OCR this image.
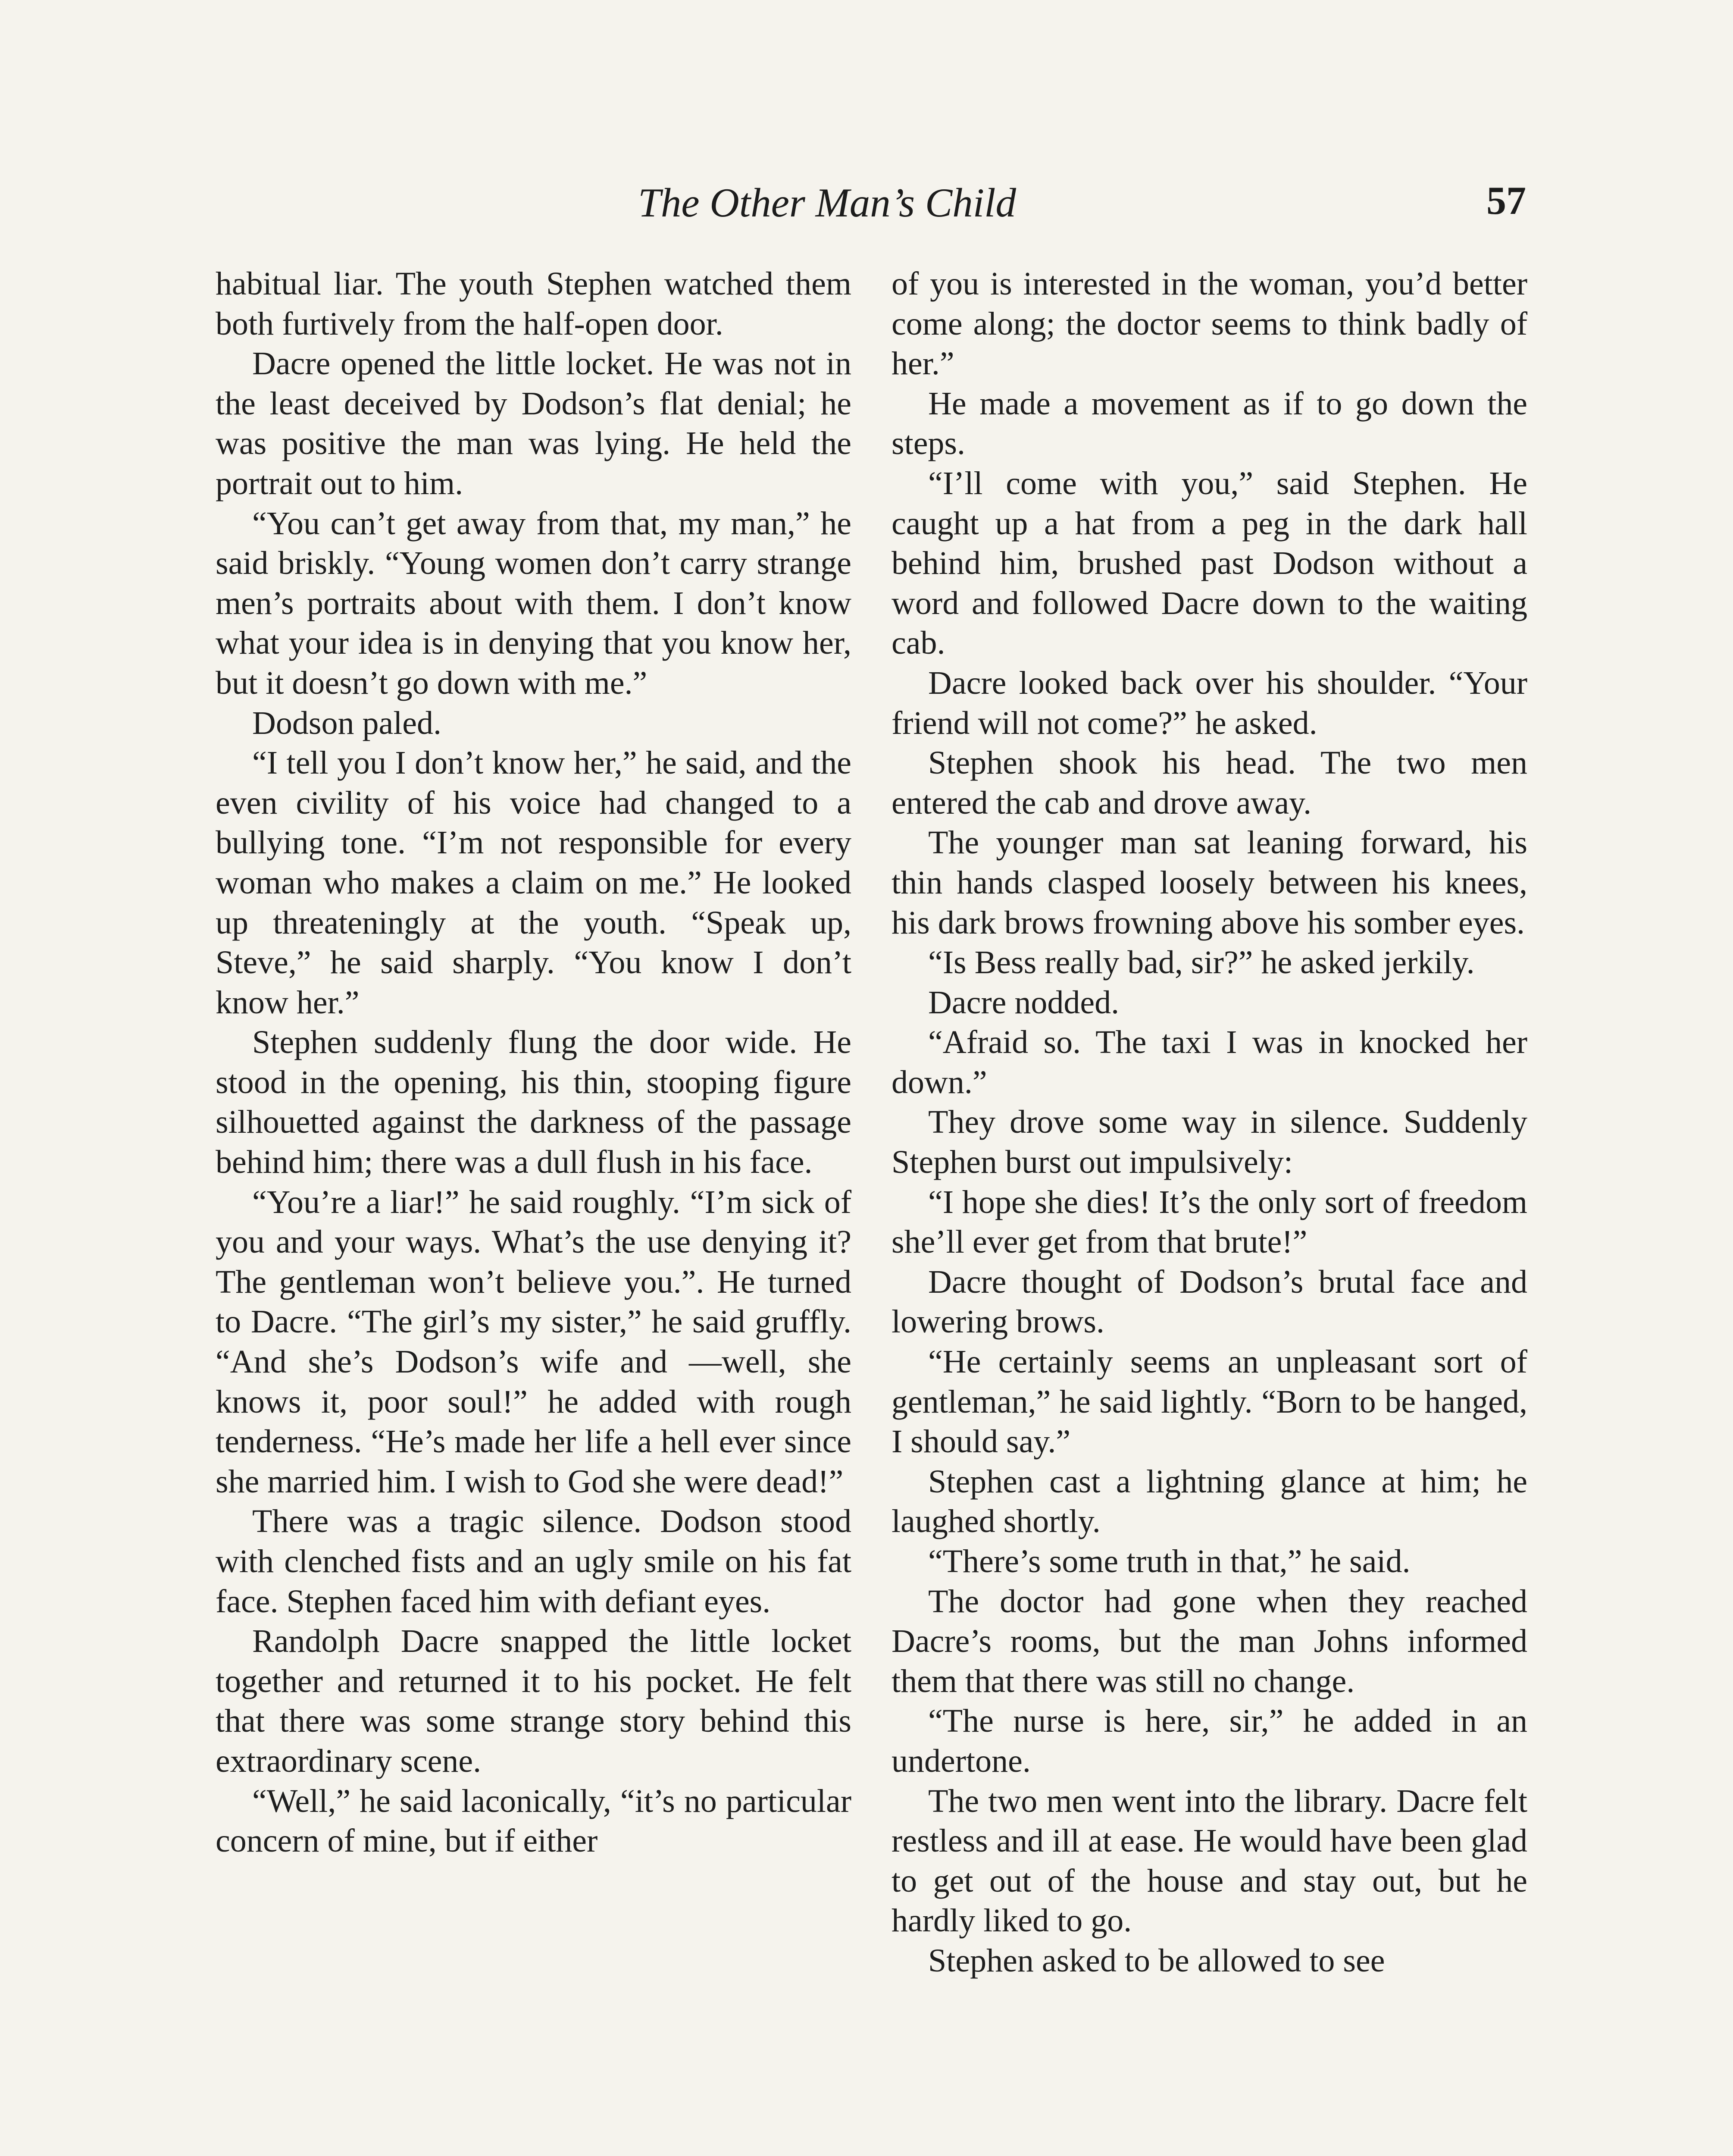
The Other Man’s Child	57

habitual liar. The youth Stephen watched them both furtively from the half-open door.

Dacre opened the little locket. He was not in the least deceived by Dodson’s flat denial; he was positive the man was lying. He held the portrait out to him.

“You can’t get away from that, my man,” he said briskly. “Young women don’t carry strange men’s portraits about with them. I don’t know what your idea is in denying that you know her, but it doesn’t go down with me.”

Dodson paled.

“I tell you I don’t know her,” he said, and the even civility of his voice had changed to a bullying tone. “I’m not responsible for every woman who makes a claim on me.” He looked up threateningly at the youth. “Speak up, Steve,” he said sharply. “You know I don’t know her.”

Stephen suddenly flung the door wide. He stood in the opening, his thin, stooping figure silhouetted against the darkness of the passage behind him; there was a dull flush in his face.

“You’re a liar!” he said roughly. “I’m sick of you and your ways. What’s the use denying it? The gentleman won’t believe you.”. He turned to Dacre. “The girl’s my sister,” he said gruffly. “And she’s Dodson’s wife and —well, she knows it, poor soul!” he added with rough tenderness. “He’s made her life a hell ever since she married him. I wish to God she were dead!”

There was a tragic silence. Dodson stood with clenched fists and an ugly smile on his fat face. Stephen faced him with defiant eyes.

Randolph Dacre snapped the little locket together and returned it to his pocket. He felt that there was some strange story behind this extraordinary scene.

“Well,” he said laconically, “it’s no particular concern of mine, but if either

of you is interested in the woman, you’d better come along; the doctor seems to think badly of her.”

He made a movement as if to go down the steps.

“I’ll come with you,” said Stephen. He caught up a hat from a peg in the dark hall behind him, brushed past Dodson without a word and followed Dacre down to the waiting cab.

Dacre looked back over his shoulder. “Your friend will not come?” he asked.

Stephen shook his head. The two men entered the cab and drove away.

The younger man sat leaning forward, his thin hands clasped loosely between his knees, his dark brows frowning above his somber eyes.

“Is Bess really bad, sir?” he asked jerkily.

Dacre nodded.

“Afraid so. The taxi I was in knocked her down.”

They drove some way in silence. Suddenly Stephen burst out impulsively:

“I hope she dies! It’s the only sort of freedom she’ll ever get from that brute!”

Dacre thought of Dodson’s brutal face and lowering brows.

“He certainly seems an unpleasant sort of gentleman,” he said lightly. “Born to be hanged, I should say.”

Stephen cast a lightning glance at him; he laughed shortly.

“There’s some truth in that,” he said.

The doctor had gone when they reached Dacre’s rooms, but the man Johns informed them that there was still no change.

“The nurse is here, sir,” he added in an undertone.

The two men went into the library. Dacre felt restless and ill at ease. He would have been glad to get out of the house and stay out, but he hardly liked to go.

Stephen asked to be allowed to see
